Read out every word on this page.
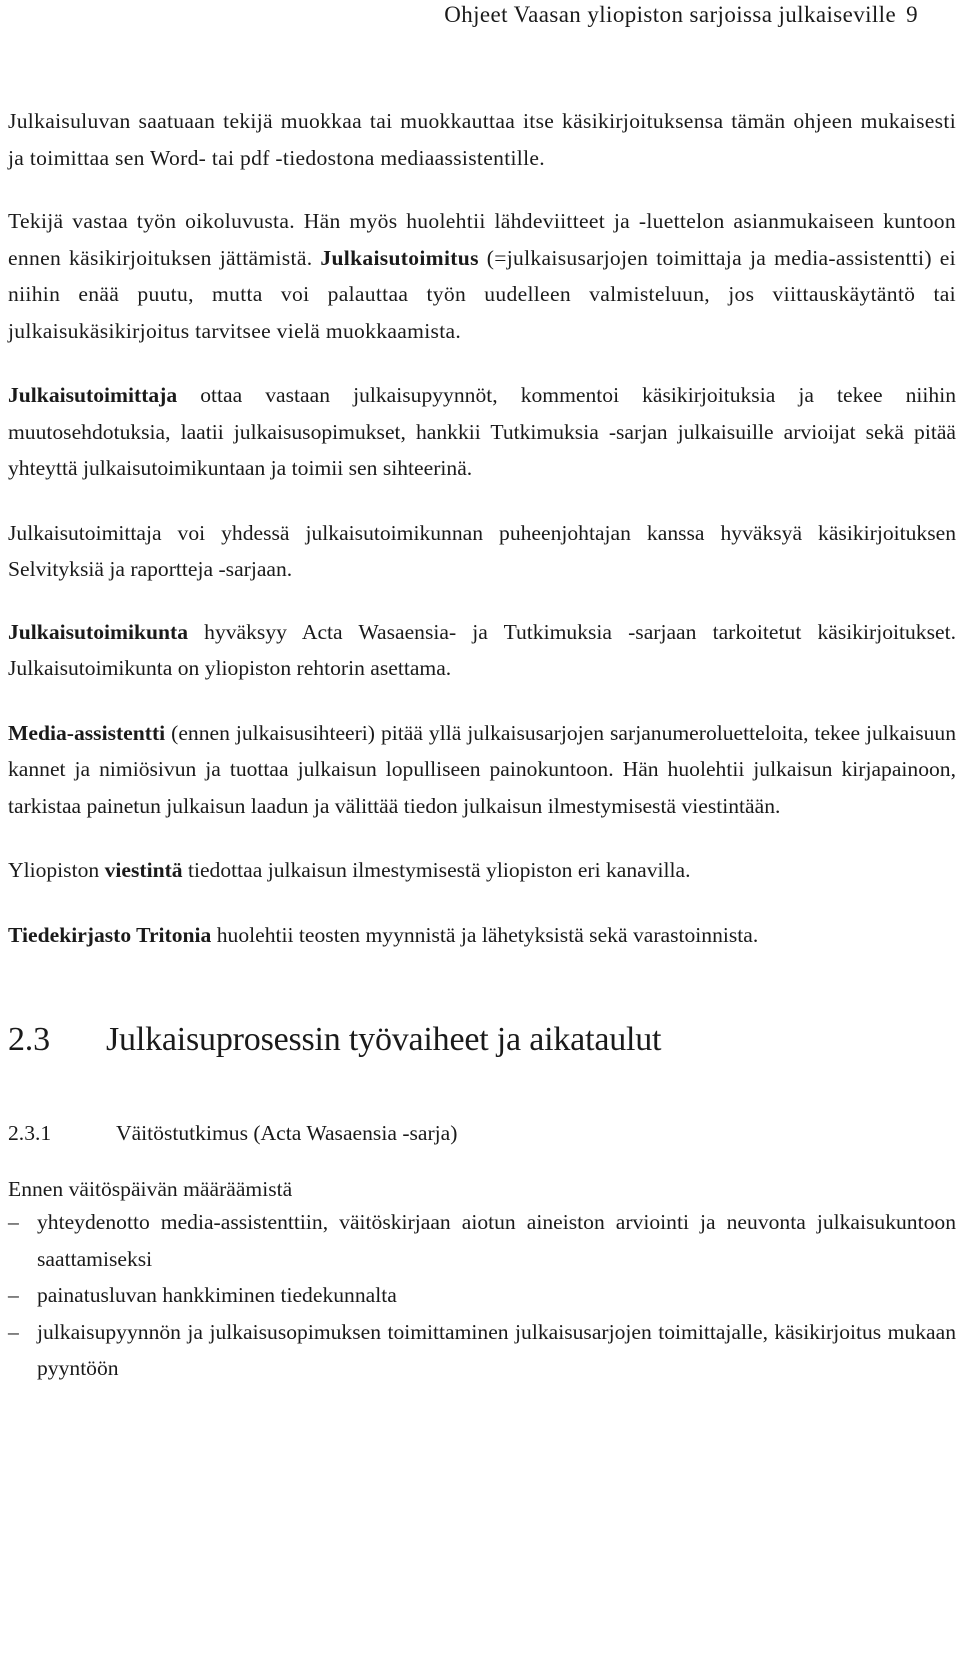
Ohjeet Vaasan yliopiston sarjoissa julkaiseville 9

Julkaisuluvan saatuaan tekijä muokkaa tai muokkauttaa itse käsikirjoituksensa tämän ohjeen mukaisesti ja toimittaa sen Word- tai pdf -tiedostona mediaassistentille.

Tekijä vastaa työn oikoluvusta. Hän myös huolehtii lähdeviitteet ja -luettelon asianmukaiseen kuntoon ennen käsikirjoituksen jättämistä. Julkaisutoimitus (=julkaisusarjojen toimittaja ja media-assistentti) ei niihin enää puutu, mutta voi palauttaa työn uudelleen valmisteluun, jos viittauskäytäntö tai julkaisukäsikirjoitus tarvitsee vielä muokkaamista.

Julkaisutoimittaja ottaa vastaan julkaisupyynnöt, kommentoi käsikirjoituksia ja tekee niihin muutosehdotuksia, laatii julkaisusopimukset, hankkii Tutkimuksia -sarjan julkaisuille arvioijat sekä pitää yhteyttä julkaisutoimikuntaan ja toimii sen sihteerinä.

Julkaisutoimittaja voi yhdessä julkaisutoimikunnan puheenjohtajan kanssa hyväksyä käsikirjoituksen Selvityksiä ja raportteja -sarjaan.

Julkaisutoimikunta hyväksyy Acta Wasaensia- ja Tutkimuksia -sarjaan tarkoitetut käsikirjoitukset. Julkaisutoimikunta on yliopiston rehtorin asettama.

Media-assistentti (ennen julkaisusihteeri) pitää yllä julkaisusarjojen sarjanumeroluetteloita, tekee julkaisuun kannet ja nimiösivun ja tuottaa julkaisun lopulliseen painokuntoon. Hän huolehtii julkaisun kirjapainoon, tarkistaa painetun julkaisun laadun ja välittää tiedon julkaisun ilmestymisestä viestintään.

Yliopiston viestintä tiedottaa julkaisun ilmestymisestä yliopiston eri kanavilla.

Tiedekirjasto Tritonia huolehtii teosten myynnistä ja lähetyksistä sekä varastoinnista.

2.3 Julkaisuprosessin työvaiheet ja aikataulut
2.3.1	Väitöstutkimus (Acta Wasaensia -sarja)
Ennen väitöspäivän määräämistä
– yhteydenotto media-assistenttiin, väitöskirjaan aiotun aineiston arviointi ja neuvonta julkaisukuntoon saattamiseksi
– painatusluvan hankkiminen tiedekunnalta
– julkaisupyynnön ja julkaisusopimuksen toimittaminen julkaisusarjojen toimittajalle, käsikirjoitus mukaan pyyntöön
